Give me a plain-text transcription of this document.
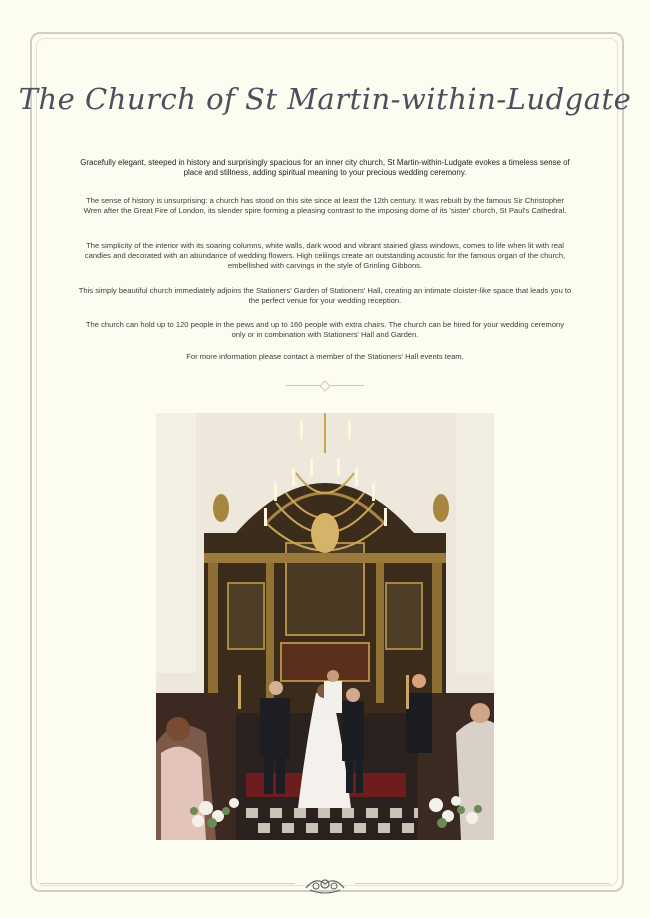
The Church of St Martin-within-Ludgate

Gracefully elegant, steeped in history and surprisingly spacious for an inner city church, St Martin-within-Ludgate evokes a timeless sense of place and stillness, adding spiritual meaning to your precious wedding ceremony.

The sense of history is unsurprising: a church has stood on this site since at least the 12th century. It was rebuilt by the famous Sir Christopher Wren after the Great Fire of London, its slender spire forming a pleasing contrast to the imposing dome of its 'sister' church, St Paul's Cathedral.

The simplicity of the interior with its soaring columns, white walls, dark wood and vibrant stained glass windows, comes to life when lit with real candles and decorated with an abundance of wedding flowers. High ceilings create an outstanding acoustic for the famous organ of the church, embellished with carvings in the style of Grinling Gibbons.

This simply beautiful church immediately adjoins the Stationers' Garden of Stationers' Hall, creating an intimate cloister-like space that leads you to the perfect venue for your wedding reception.

The church can hold up to 120 people in the pews and up to 160 people with extra chairs. The church can be hired for your wedding ceremony only or in combination with Stationers' Hall and Garden.

For more information please contact a member of the Stationers' Hall events team.
